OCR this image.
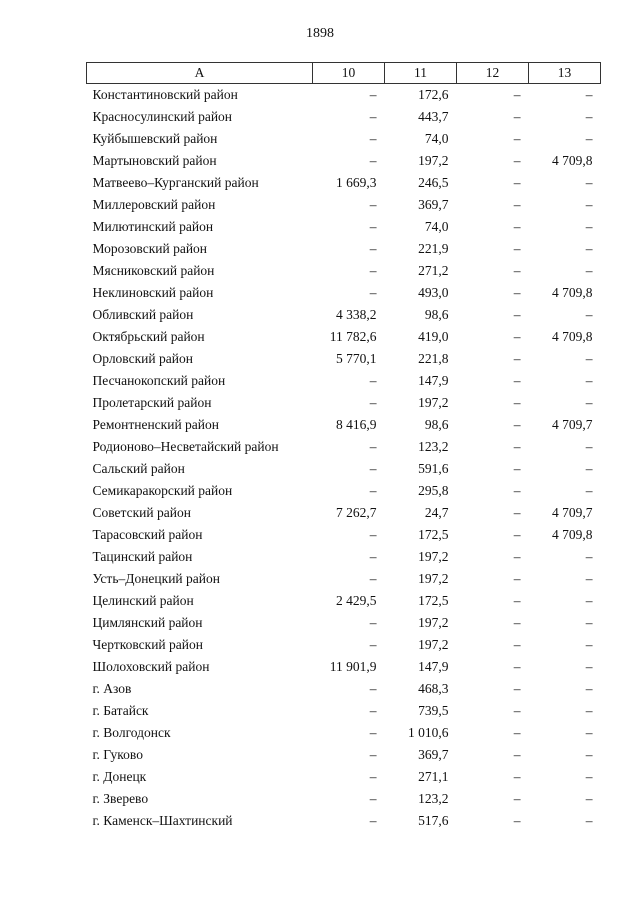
1898
A	10	11	12	13
Константиновский район	–	172,6	–	–
Красносулинский район	–	443,7	–	–
Куйбышевский район	–	74,0	–	–
Мартыновский район	–	197,2	–	4 709,8
Матвеево–Курганский район	1 669,3	246,5	–	–
Миллеровский район	–	369,7	–	–
Милютинский район	–	74,0	–	–
Морозовский район	–	221,9	–	–
Мясниковский район	–	271,2	–	–
Неклиновский район	–	493,0	–	4 709,8
Обливский район	4 338,2	98,6	–	–
Октябрьский район	11 782,6	419,0	–	4 709,8
Орловский район	5 770,1	221,8	–	–
Песчанокопский район	–	147,9	–	–
Пролетарский район	–	197,2	–	–
Ремонтненский район	8 416,9	98,6	–	4 709,7
Родионово–Несветайский район	–	123,2	–	–
Сальский район	–	591,6	–	–
Семикаракорский район	–	295,8	–	–
Советский район	7 262,7	24,7	–	4 709,7
Тарасовский район	–	172,5	–	4 709,8
Тацинский район	–	197,2	–	–
Усть–Донецкий район	–	197,2	–	–
Целинский район	2 429,5	172,5	–	–
Цимлянский район	–	197,2	–	–
Чертковский район	–	197,2	–	–
Шолоховский район	11 901,9	147,9	–	–
г. Азов	–	468,3	–	–
г. Батайск	–	739,5	–	–
г. Волгодонск	–	1 010,6	–	–
г. Гуково	–	369,7	–	–
г. Донецк	–	271,1	–	–
г. Зверево	–	123,2	–	–
г. Каменск–Шахтинский	–	517,6	–	–
